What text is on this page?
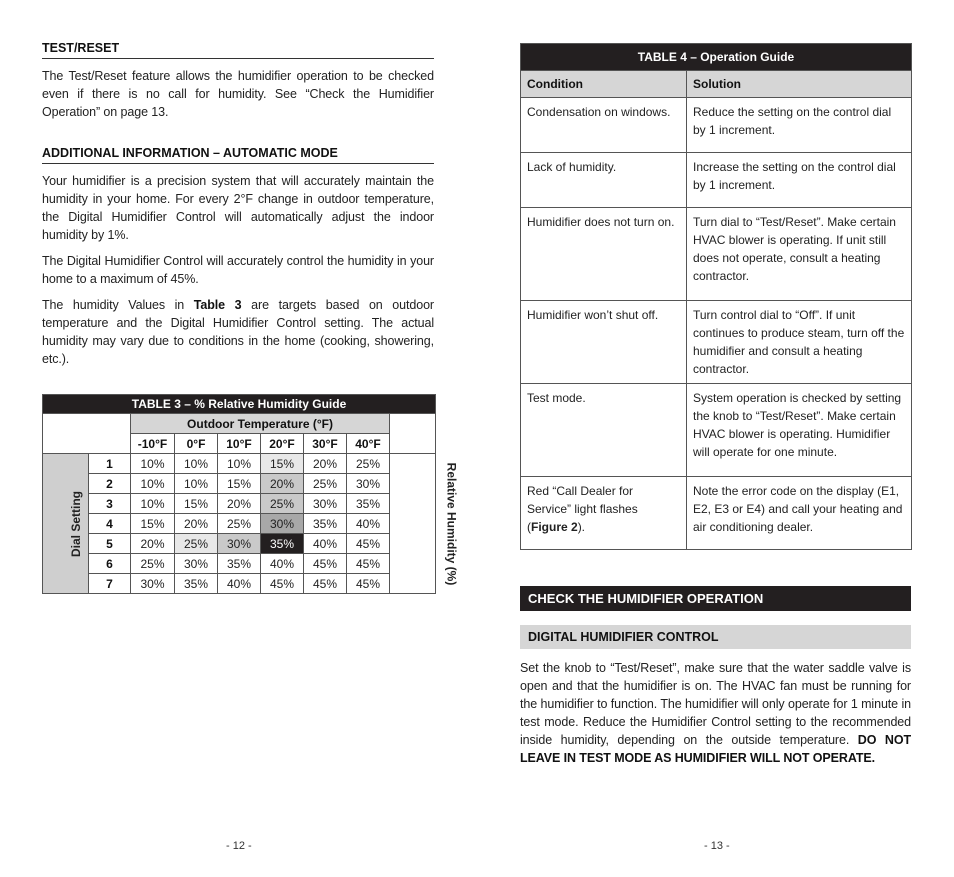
TEST/RESET

The Test/Reset feature allows the humidifier operation to be checked even if there is no call for humidity. See “Check the Humidifier Operation” on page 13.

ADDITIONAL INFORMATION – AUTOMATIC MODE

Your humidifier is a precision system that will accurately maintain the humidity in your home. For every 2°F change in outdoor temperature, the Digital Humidifier Control will automatically adjust the indoor humidity by 1%.

The Digital Humidifier Control will accurately control the humidity in your home to a maximum of 45%.

The humidity Values in Table 3 are targets based on outdoor temperature and the Digital Humidifier Control setting. The actual humidity may vary due to conditions in the home (cooking, showering, etc.).

TABLE 3 – % Relative Humidity Guide								
		Outdoor Temperature (°F)						
		-10°F	0°F	10°F	20°F	30°F	40°F	
Dial Setting	1	10%	10%	10%	15%	20%	25%	Relative Humidity (%)
	2	10%	10%	15%	20%	25%	30%	
	3	10%	15%	20%	25%	30%	35%	
	4	15%	20%	25%	30%	35%	40%	
	5	20%	25%	30%	35%	40%	45%	
	6	25%	30%	35%	40%	45%	45%	
	7	30%	35%	40%	45%	45%	45%	
- 12 -
TABLE 4 – Operation Guide	
Condition	Solution
Condensation on windows.	Reduce the setting on the control dial by 1 increment.
Lack of humidity.	Increase the setting on the control dial by 1 increment.
Humidifier does not turn on.	Turn dial to “Test/Reset”. Make certain HVAC blower is operating. If unit still does not operate, consult a heating contractor.
Humidifier won’t shut off.	Turn control dial to “Off”. If unit continues to produce steam, turn off the humidifier and consult a heating contractor.
Test mode.	System operation is checked by setting the knob to “Test/Reset”. Make certain HVAC blower is operating. Humidifier will operate for one minute.
Red “Call Dealer for Service” light flashes (Figure 2).	Note the error code on the display (E1, E2, E3 or E4) and call your heating and air conditioning dealer.
CHECK THE HUMIDIFIER OPERATION
DIGITAL HUMIDIFIER CONTROL

Set the knob to “Test/Reset”, make sure that the water saddle valve is open and that the humidifier is on. The HVAC fan must be running for the humidifier to function. The humidifier will only operate for 1 minute in test mode. Reduce the Humidifier Control setting to the recommended inside humidity, depending on the outside temperature. DO NOT LEAVE IN TEST MODE AS HUMIDIFIER WILL NOT OPERATE.

- 13 -
